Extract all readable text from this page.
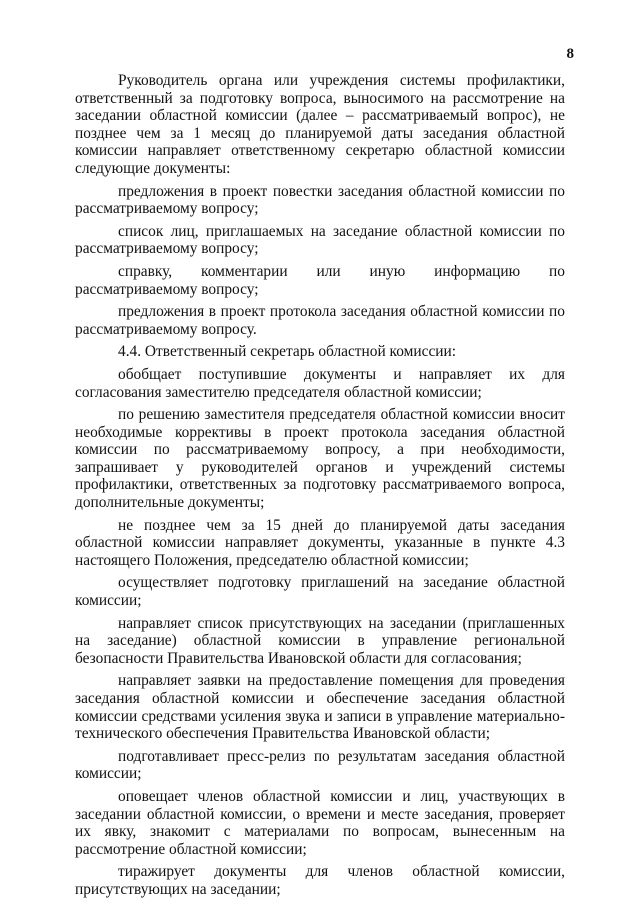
8

Руководитель органа или учреждения системы профилактики, ответственный за подготовку вопроса, выносимого на рассмотрение на заседании областной комиссии (далее – рассматриваемый вопрос), не позднее чем за 1 месяц до планируемой даты заседания областной комиссии направляет ответственному секретарю областной комиссии следующие документы:

предложения в проект повестки заседания областной комиссии по рассматриваемому вопросу;

список лиц, приглашаемых на заседание областной комиссии по рассматриваемому вопросу;

справку, комментарии или иную информацию по рассматриваемому вопросу;

предложения в проект протокола заседания областной комиссии по рассматриваемому вопросу.

4.4. Ответственный секретарь областной комиссии:

обобщает поступившие документы и направляет их для согласования заместителю председателя областной комиссии;

по решению заместителя председателя областной комиссии вносит необходимые коррективы в проект протокола заседания областной комиссии по рассматриваемому вопросу, а при необходимости, запрашивает у руководителей органов и учреждений системы профилактики, ответственных за подготовку рассматриваемого вопроса, дополнительные документы;

не позднее чем за 15 дней до планируемой даты заседания областной комиссии направляет документы, указанные в пункте 4.3 настоящего Положения, председателю областной комиссии;

осуществляет подготовку приглашений на заседание областной комиссии;

направляет список присутствующих на заседании (приглашенных на заседание) областной комиссии в управление региональной безопасности Правительства Ивановской области для согласования;

направляет заявки на предоставление помещения для проведения заседания областной комиссии и обеспечение заседания областной комиссии средствами усиления звука и записи в управление материально-технического обеспечения Правительства Ивановской области;

подготавливает пресс-релиз по результатам заседания областной комиссии;

оповещает членов областной комиссии и лиц, участвующих в заседании областной комиссии, о времени и месте заседания, проверяет их явку, знакомит с материалами по вопросам, вынесенным на рассмотрение областной комиссии;

тиражирует документы для членов областной комиссии, присутствующих на заседании;
